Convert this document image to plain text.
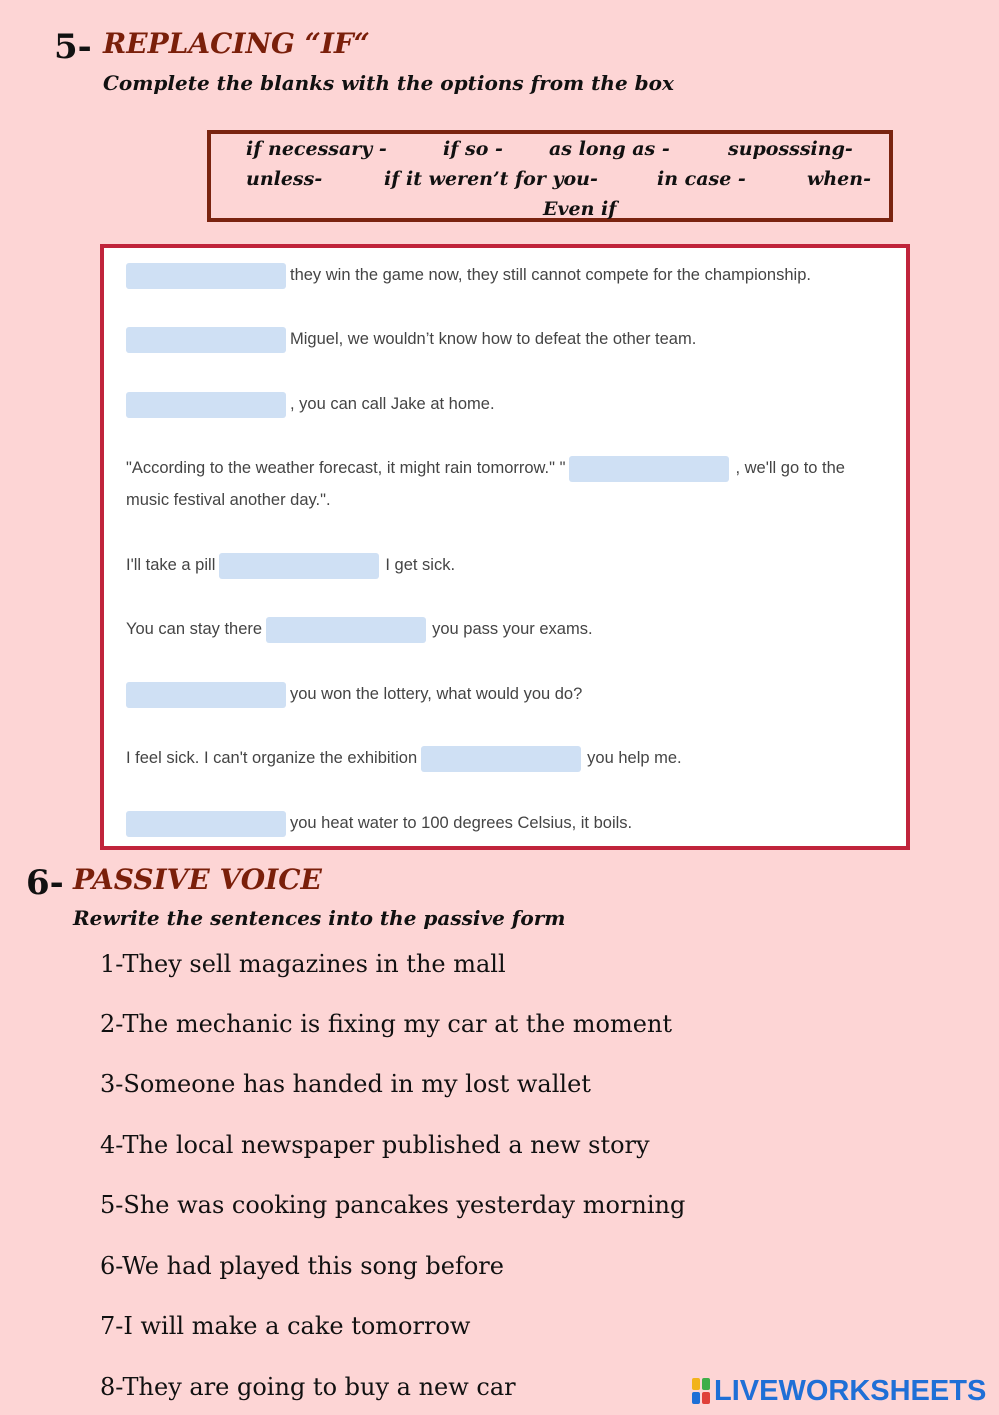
5- REPLACING “IF“
Complete the blanks with the options from the box
if necessary -	if so - as long as -	suposssing-
unless-	if it weren’t for you-	in case -	when-
Even if
they win the game now, they still cannot compete for the championship.
Miguel, we wouldn’t know how to defeat the other team.
, you can call Jake at home.
"According to the weather forecast, it might rain tomorrow." "	, we'll go to the
music festival another day.".
I'll take a pill	I get sick.
You can stay there	you pass your exams.
you won the lottery, what would you do?
I feel sick. I can't organize the exhibition	you help me.
you heat water to 100 degrees Celsius, it boils.
6- PASSIVE VOICE
Rewrite the sentences into the passive form
1-They sell magazines in the mall
2-The mechanic is fixing my car at the moment
3-Someone has handed in my lost wallet
4-The local newspaper published a new story
5-She was cooking pancakes yesterday morning
6-We had played this song before
7-I will make a cake tomorrow
8-They are going to buy a new car	LIVEWORKSHEETS
